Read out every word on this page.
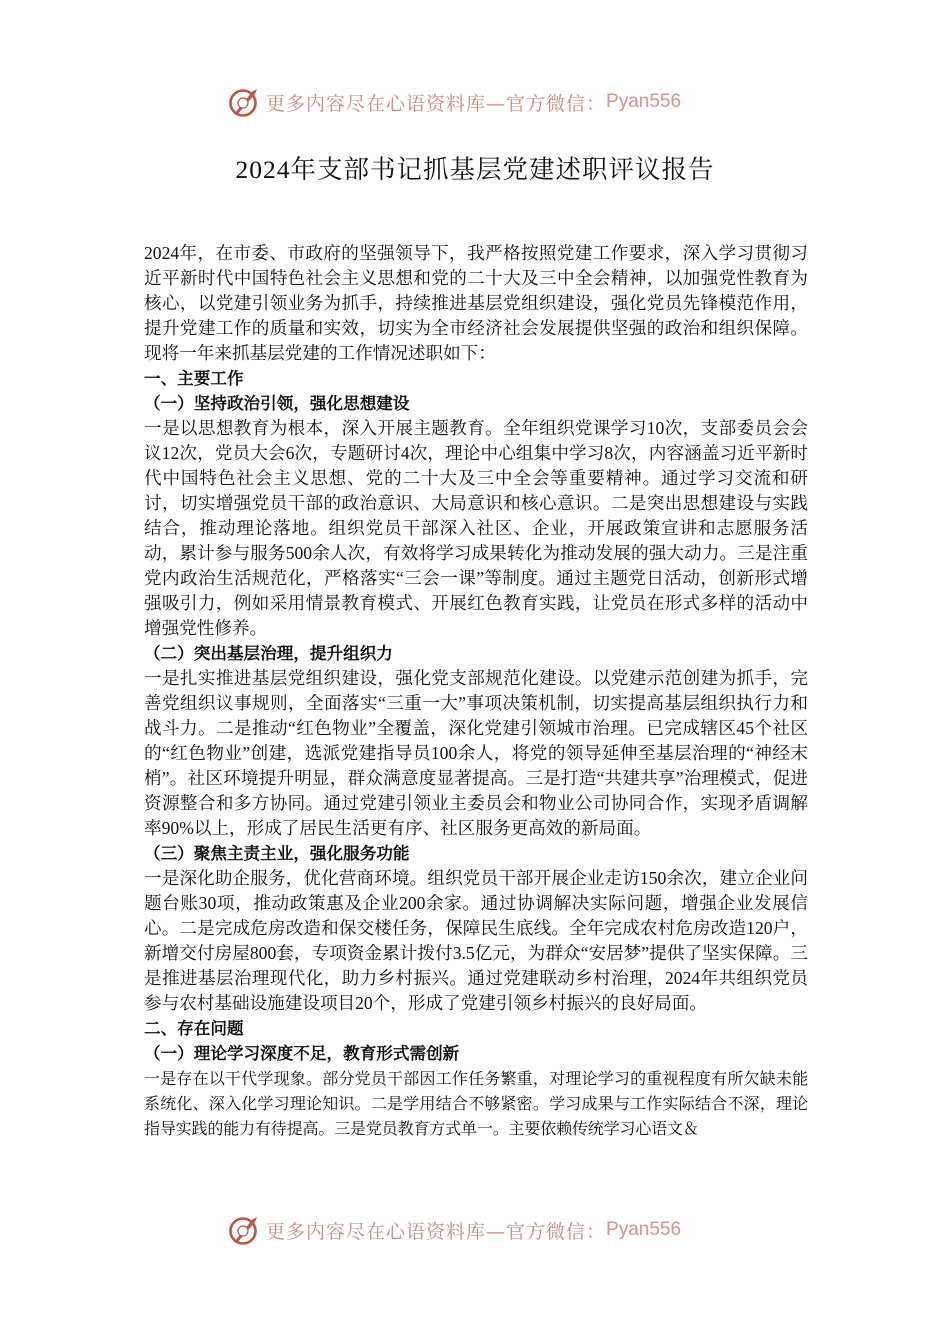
更多内容尽在心语资料库—官方微信： Pyan556
2024年支部书记抓基层党建述职评议报告

2024年，在市委、市政府的坚强领导下，我严格按照党建工作要求，深入学习贯彻习近平新时代中国特色社会主义思想和党的二十大及三中全会精神，以加强党性教育为核心，以党建引领业务为抓手，持续推进基层党组织建设，强化党员先锋模范作用，提升党建工作的质量和实效，切实为全市经济社会发展提供坚强的政治和组织保障。现将一年来抓基层党建的工作情况述职如下：

一、主要工作

（一）坚持政治引领，强化思想建设

一是以思想教育为根本，深入开展主题教育。全年组织党课学习10次，支部委员会会议12次，党员大会6次，专题研讨4次，理论中心组集中学习8次，内容涵盖习近平新时代中国特色社会主义思想、党的二十大及三中全会等重要精神。通过学习交流和研讨，切实增强党员干部的政治意识、大局意识和核心意识。二是突出思想建设与实践结合，推动理论落地。组织党员干部深入社区、企业，开展政策宣讲和志愿服务活动，累计参与服务500余人次，有效将学习成果转化为推动发展的强大动力。三是注重党内政治生活规范化，严格落实“三会一课”等制度。通过主题党日活动，创新形式增强吸引力，例如采用情景教育模式、开展红色教育实践，让党员在形式多样的活动中增强党性修养。

（二）突出基层治理，提升组织力

一是扎实推进基层党组织建设，强化党支部规范化建设。以党建示范创建为抓手，完善党组织议事规则，全面落实“三重一大”事项决策机制，切实提高基层组织执行力和战斗力。二是推动“红色物业”全覆盖，深化党建引领城市治理。已完成辖区45个社区的“红色物业”创建，选派党建指导员100余人，将党的领导延伸至基层治理的“神经末梢”。社区环境提升明显，群众满意度显著提高。三是打造“共建共享”治理模式，促进资源整合和多方协同。通过党建引领业主委员会和物业公司协同合作，实现矛盾调解率90%以上，形成了居民生活更有序、社区服务更高效的新局面。

（三）聚焦主责主业，强化服务功能

一是深化助企服务，优化营商环境。组织党员干部开展企业走访150余次，建立企业问题台账30项，推动政策惠及企业200余家。通过协调解决实际问题，增强企业发展信心。二是完成危房改造和保交楼任务，保障民生底线。全年完成农村危房改造120户，新增交付房屋800套，专项资金累计拨付3.5亿元，为群众“安居梦”提供了坚实保障。三是推进基层治理现代化，助力乡村振兴。通过党建联动乡村治理，2024年共组织党员参与农村基础设施建设项目20个，形成了党建引领乡村振兴的良好局面。

二、存在问题

（一）理论学习深度不足，教育形式需创新

一是存在以干代学现象。部分党员干部因工作任务繁重，对理论学习的重视程度有所欠缺未能系统化、深入化学习理论知识。二是学用结合不够紧密。学习成果与工作实际结合不深，理论指导实践的能力有待提高。三是党员教育方式单一。主要依赖传统学习心语文＆

更多内容尽在心语资料库—官方微信： Pyan556
